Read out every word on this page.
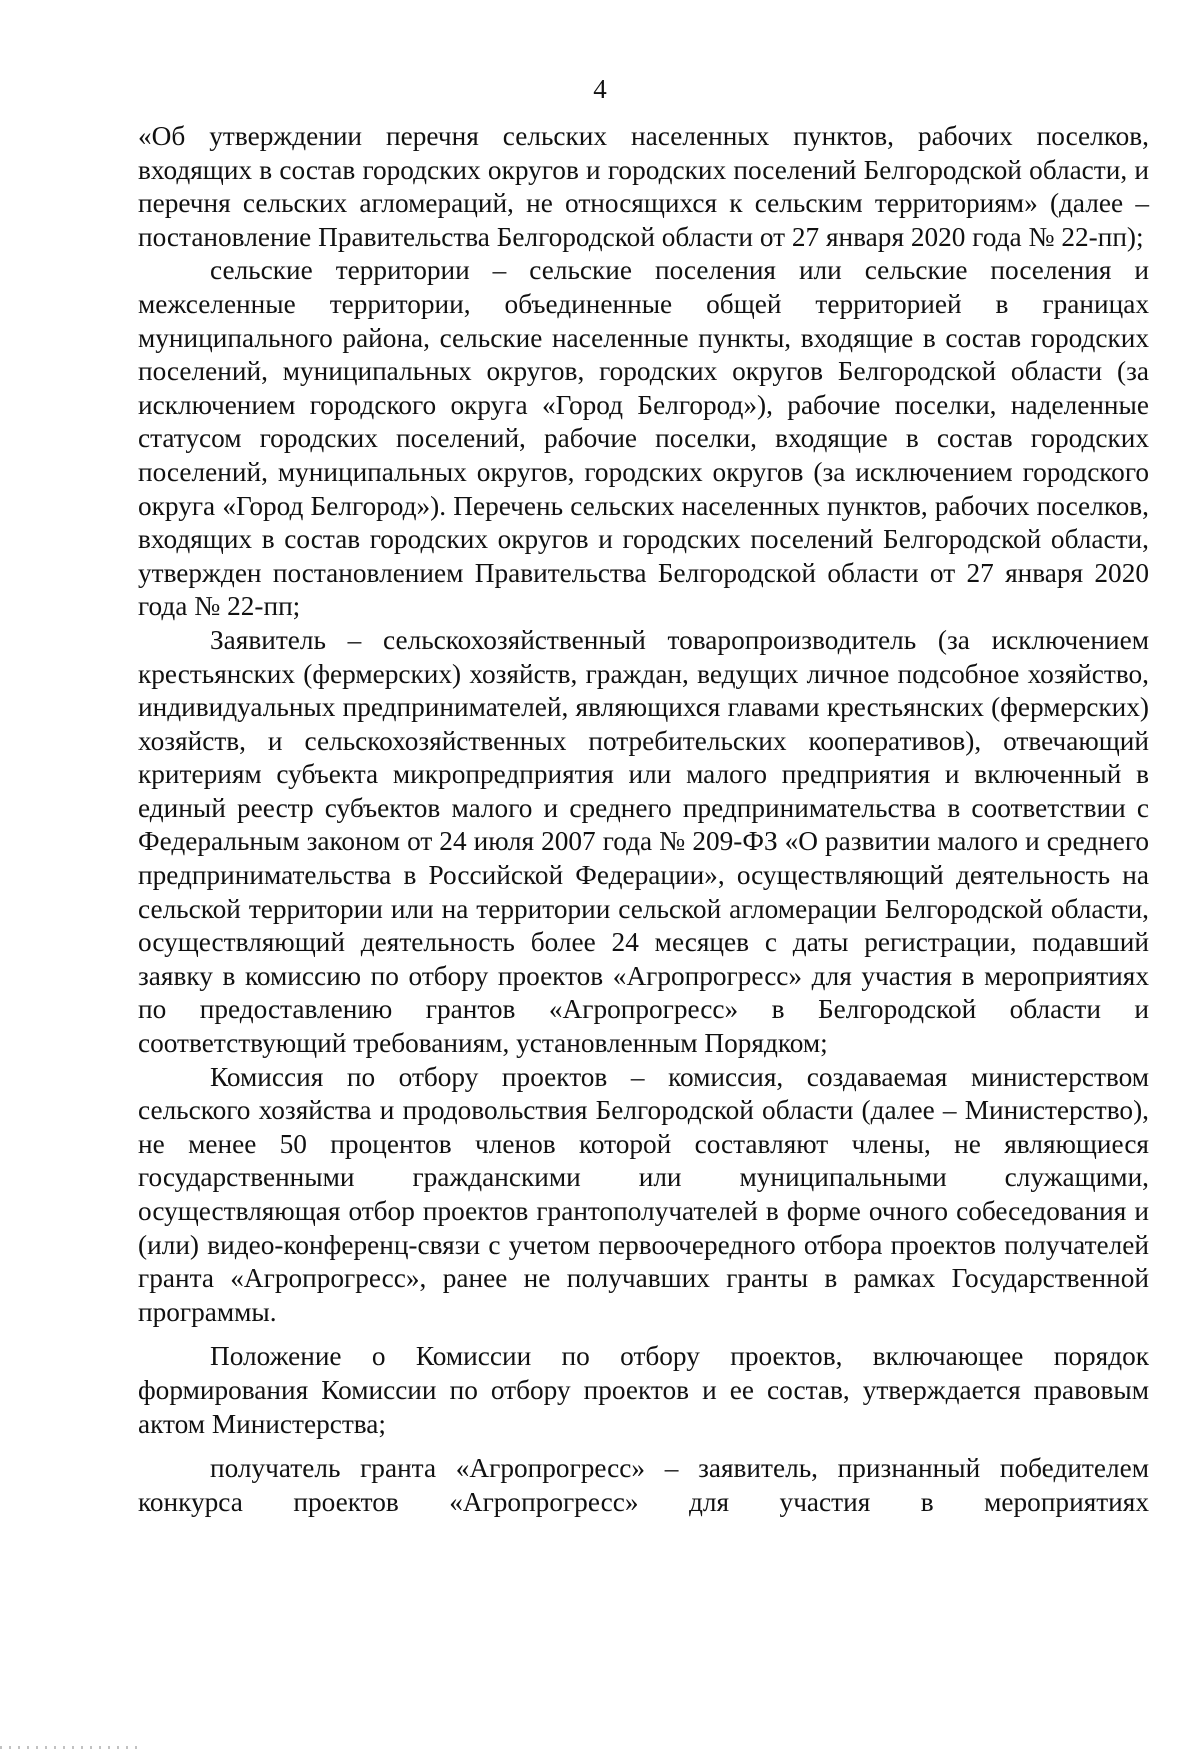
4

«Об утверждении перечня сельских населенных пунктов, рабочих поселков, входящих в состав городских округов и городских поселений Белгородской области, и перечня сельских агломераций, не относящихся к сельским территориям» (далее – постановление Правительства Белгородской области от 27 января 2020 года № 22-пп);

сельские территории – сельские поселения или сельские поселения и межселенные территории, объединенные общей территорией в границах муниципального района, сельские населенные пункты, входящие в состав городских поселений, муниципальных округов, городских округов Белгородской области (за исключением городского округа «Город Белгород»), рабочие поселки, наделенные статусом городских поселений, рабочие поселки, входящие в состав городских поселений, муниципальных округов, городских округов (за исключением городского округа «Город Белгород»). Перечень сельских населенных пунктов, рабочих поселков, входящих в состав городских округов и городских поселений Белгородской области, утвержден постановлением Правительства Белгородской области от 27 января 2020 года № 22-пп;

Заявитель – сельскохозяйственный товаропроизводитель (за исключением крестьянских (фермерских) хозяйств, граждан, ведущих личное подсобное хозяйство, индивидуальных предпринимателей, являющихся главами крестьянских (фермерских) хозяйств, и сельскохозяйственных потребительских кооперативов), отвечающий критериям субъекта микропредприятия или малого предприятия и включенный в единый реестр субъектов малого и среднего предпринимательства в соответствии с Федеральным законом от 24 июля 2007 года № 209-ФЗ «О развитии малого и среднего предпринимательства в Российской Федерации», осуществляющий деятельность на сельской территории или на территории сельской агломерации Белгородской области, осуществляющий деятельность более 24 месяцев с даты регистрации, подавший заявку в комиссию по отбору проектов «Агропрогресс» для участия в мероприятиях по предоставлению грантов «Агропрогресс» в Белгородской области и соответствующий требованиям, установленным Порядком;

Комиссия по отбору проектов – комиссия, создаваемая министерством сельского хозяйства и продовольствия Белгородской области (далее – Министерство), не менее 50 процентов членов которой составляют члены, не являющиеся государственными гражданскими или муниципальными служащими, осуществляющая отбор проектов грантополучателей в форме очного собеседования и (или) видео-конференц-связи с учетом первоочередного отбора проектов получателей гранта «Агропрогресс», ранее не получавших гранты в рамках Государственной программы.

Положение о Комиссии по отбору проектов, включающее порядок формирования Комиссии по отбору проектов и ее состав, утверждается правовым актом Министерства;

получатель гранта «Агропрогресс» – заявитель, признанный победителем конкурса проектов «Агропрогресс» для участия в мероприятиях
